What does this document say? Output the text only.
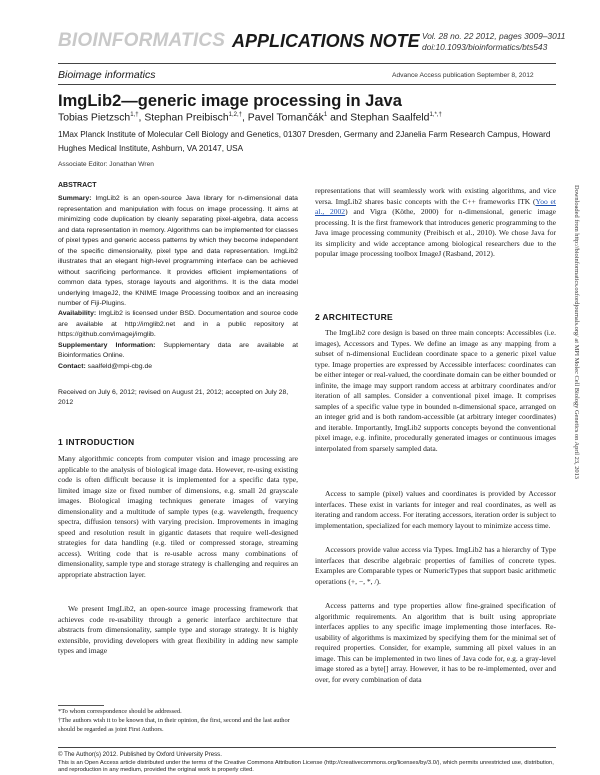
BIOINFORMATICS APPLICATIONS NOTE Vol. 28 no. 22 2012, pages 3009–3011
doi:10.1093/bioinformatics/bts543
Bioimage informatics	Advance Access publication September 8, 2012
ImgLib2—generic image processing in Java
Tobias Pietzsch$^{1,\dagger}$, Stephan Preibisch$^{1,2,\dagger}$, Pavel Tomančák$^1$ and Stephan Saalfeld$^{1,*,\dagger}$
1Max Planck Institute of Molecular Cell Biology and Genetics, 01307 Dresden, Germany and 2Janelia Farm Research Campus, Howard Hughes Medical Institute, Ashburn, VA 20147, USA
Associate Editor: Jonathan Wren
ABSTRACT

Summary: ImgLib2 is an open-source Java library for n-dimensional data representation and manipulation with focus on image processing. It aims at minimizing code duplication by cleanly separating pixel-algebra, data access and data representation in memory. Algorithms can be implemented for classes of pixel types and generic access patterns by which they become independent of the specific dimensionality, pixel type and data representation. ImgLib2 illustrates that an elegant high-level programming interface can be achieved without sacrificing performance. It provides efficient implementations of common data types, storage layouts and algorithms. It is the data model underlying ImageJ2, the KNIME Image Processing toolbox and an increasing number of Fiji-Plugins.

Availability: ImgLib2 is licensed under BSD. Documentation and source code are available at http://imglib2.net and in a public repository at https://github.com/imagej/imglib.

Supplementary Information: Supplementary data are available at Bioinformatics Online.

Contact: saalfeld@mpi-cbg.de

Received on July 6, 2012; revised on August 21, 2012; accepted on July 28, 2012
1 INTRODUCTION
Many algorithmic concepts from computer vision and image processing are applicable to the analysis of biological image data. However, re-using existing code is often difficult because it is implemented for a specific data type, limited image size or fixed number of dimensions, e.g. small 2d grayscale images. Biological imaging techniques generate images of varying dimensionality and a multitude of sample types (e.g. wavelength, frequency spectra, diffusion tensors) with varying precision. Improvements in imaging speed and resolution result in gigantic datasets that require well-designed strategies for data handling (e.g. tiled or compressed storage, streaming access). Writing code that is re-usable across many combinations of dimensionality, sample type and storage strategy is challenging and requires an appropriate abstraction layer.
We present ImgLib2, an open-source image processing framework that achieves code re-usability through a generic interface architecture that abstracts from dimensionality, sample type and storage strategy. It is highly extensible, providing developers with great flexibility in adding new sample types and image
*To whom correspondence should be addressed.
†The authors wish it to be known that, in their opinion, the first, second and the last author should be regarded as joint First Authors.
representations that will seamlessly work with existing algorithms, and vice versa. ImgLib2 shares basic concepts with the C++ frameworks ITK (Yoo et al., 2002) and Vigra (Köthe, 2000) for n-dimensional, generic image processing. It is the first framework that introduces generic programming to the Java image processing community (Preibisch et al., 2010). We chose Java for its simplicity and wide acceptance among biological researchers due to the popular image processing toolbox ImageJ (Rasband, 2012).
2 ARCHITECTURE
The ImgLib2 core design is based on three main concepts: Accessibles (i.e. images), Accessors and Types. We define an image as any mapping from a subset of n-dimensional Euclidean coordinate space to a generic pixel value type. Image properties are expressed by Accessible interfaces: coordinates can be either integer or real-valued, the coordinate domain can be either bounded or infinite, the image may support random access at arbitrary coordinates and/or iteration of all samples. Consider a conventional pixel image. It comprises samples of a specific value type in bounded n-dimensional space, arranged on an integer grid and is both random-accessible (at arbitrary integer coordinates) and iterable. Importantly, ImgLib2 supports concepts beyond the conventional pixel image, e.g. infinite, procedurally generated images or continuous images interpolated from sparsely sampled data.
Access to sample (pixel) values and coordinates is provided by Accessor interfaces. These exist in variants for integer and real coordinates, as well as iterating and random access. For iterating accessors, iteration order is subject to implementation, specialized for each memory layout to minimize access time.
Accessors provide value access via Types. ImgLib2 has a hierarchy of Type interfaces that describe algebraic properties of families of concrete types. Examples are Comparable types or NumericTypes that support basic arithmetic operations (+, −, *, /).
Access patterns and type properties allow fine-grained specification of algorithmic requirements. An algorithm that is built using appropriate interfaces applies to any specific image implementing those interfaces. Re-usability of algorithms is maximized by specifying them for the minimal set of required properties. Consider, for example, summing all pixel values in an image. This can be implemented in two lines of Java code for, e.g. a gray-level image stored as a byte[] array. However, it has to be re-implemented, over and over, for every combination of data
Downloaded from http://bioinformatics.oxfordjournals.org/ at MPI Molec Cell Biology Genetics on April 23, 2013
© The Author(s) 2012. Published by Oxford University Press.
This is an Open Access article distributed under the terms of the Creative Commons Attribution License (http://creativecommons.org/licenses/by/3.0/), which permits unrestricted use, distribution, and reproduction in any medium, provided the original work is properly cited.
